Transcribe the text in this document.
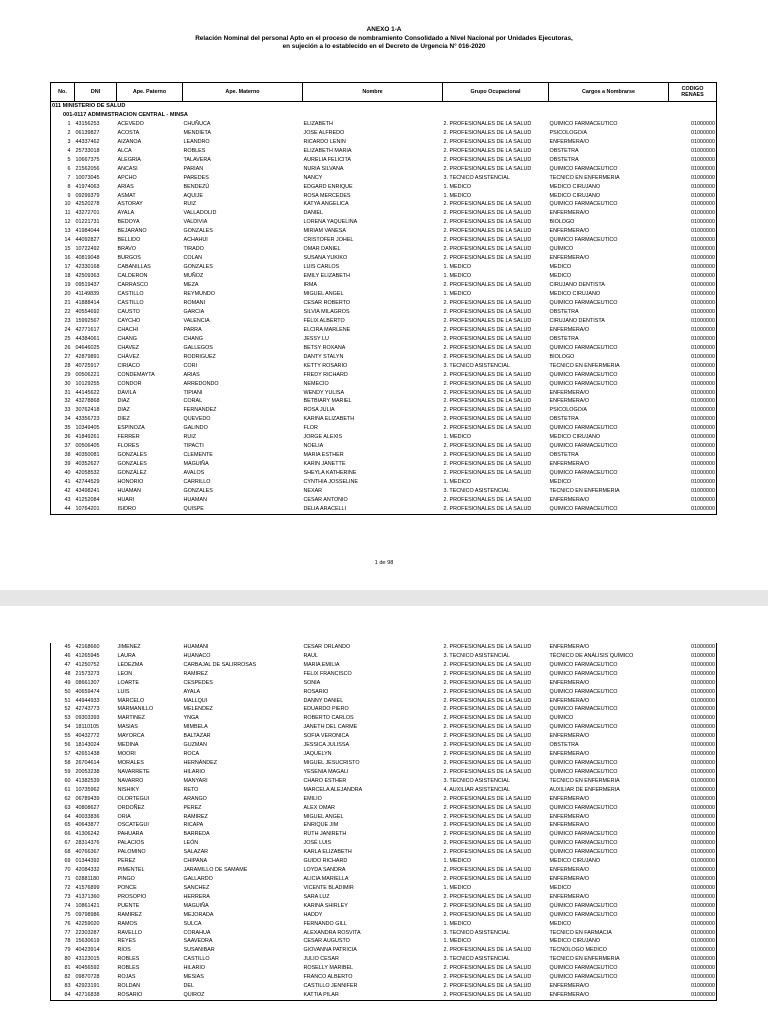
ANEXO 1-A
Relación Nominal del personal Apto en el proceso de nombramiento Consolidado a Nivel Nacional por Unidades Ejecutoras,
en sujeción a lo establecido en el Decreto de Urgencia N° 016-2020
No.	DNI	Ape. Paterno	Ape. Materno	Nombre	Grupo Ocupacional	Cargos a Nombrarse	CODIGO RENAES
011 MINISTERIO DE SALUD							
001-0117 ADMINISTRACION CENTRAL - MINSA							
1	43156253	ACEVEDO	CHUÑUCA	ELIZABETH	2. PROFESIONALES DE LA SALUD	QUIMICO FARMACEUTICO	01000000
2	06139827	ACOSTA	MENDIETA	JOSE ALFREDO	2. PROFESIONALES DE LA SALUD	PSICOLOGO/A	01000000
3	44337462	AIZANOA	LEANDRO	RICARDO LENIN	2. PROFESIONALES DE LA SALUD	ENFERMERA/O	01000000
4	25733018	ALCA	ROBLES	ELIZABETH MARIA	2. PROFESIONALES DE LA SALUD	OBSTETRA	01000000
5	10667375	ALEGRIA	TALAVERA	AURELIA FELICITA	2. PROFESIONALES DE LA SALUD	OBSTETRA	01000000
6	21562056	ANCASI	PARIAN	NURIA SILVANA	2. PROFESIONALES DE LA SALUD	QUIMICO FARMACEUTICO	01000000
7	10073045	APCHO	PAREDES	NANCY	3. TECNICO ASISTENCIAL	TECNICO EN ENFERMERIA	01000000
8	41974063	ARIAS	BENDEZÚ	EDGARD ENRIQUE	1. MEDICO	MEDICO CIRUJANO	01000000
9	09299379	ASMAT	AQUIJE	ROSA MERCEDES	1. MEDICO	MEDICO CIRUJANO	01000000
10	42520278	ASTORAY	RUIZ	KATYA ANGELICA	2. PROFESIONALES DE LA SALUD	QUIMICO FARMACEUTICO	01000000
11	43272701	AYALA	VALLADOLID	DANIEL	2. PROFESIONALES DE LA SALUD	ENFERMERA/O	01000000
12	01221731	BEDOYA	VALDIVIA	LORENA YAQUELINA	2. PROFESIONALES DE LA SALUD	BIOLOGO	01000000
13	41984044	BEJARANO	GONZALES	MIRIAM VANESA	2. PROFESIONALES DE LA SALUD	ENFERMERA/O	01000000
14	44092827	BELLIDO	ACHAHUI	CRISTOFER JOHEL	2. PROFESIONALES DE LA SALUD	QUIMICO FARMACEUTICO	01000000
15	10722492	BRAVO	TIRADO	OMAR DANIEL	2. PROFESIONALES DE LA SALUD	QUÍMICO	01000000
16	40819048	BURGOS	COLAN	SUSANA YUKIKO	2. PROFESIONALES DE LA SALUD	ENFERMERA/O	01000000
17	42330168	CABANILLAS	GONZALES	LUIS CARLOS	1. MEDICO	MEDICO	01000000
18	42509363	CALDERON	MUÑOZ	EMILY ELIZABETH	1. MEDICO	MEDICO	01000000
19	09519437	CARRASCO	MEZA	IRMA	2. PROFESIONALES DE LA SALUD	CIRUJANO DENTISTA	01000000
20	41149839	CASTILLO	REYMUNDO	MIGUEL ANGEL	1. MEDICO	MEDICO CIRUJANO	01000000
21	41888414	CASTILLO	ROMANI	CESAR ROBERTO	2. PROFESIONALES DE LA SALUD	QUIMICO FARMACEUTICO	01000000
22	40554692	CAUSTO	GARCIA	SILVIA MILAGROS	2. PROFESIONALES DE LA SALUD	OBSTETRA	01000000
23	15992567	CAYCHO	VALENCIA	FÉLIX ALBERTO	2. PROFESIONALES DE LA SALUD	CIRUJANO DENTISTA	01000000
24	42771617	CHACHI	PARRA	ELCIRA MARLENE	2. PROFESIONALES DE LA SALUD	ENFERMERA/O	01000000
25	44384061	CHANG	CHANG	JESSY LU	2. PROFESIONALES DE LA SALUD	OBSTETRA	01000000
26	04646025	CHAVEZ	GALLEGOS	BETSY ROXANA	2. PROFESIONALES DE LA SALUD	QUIMICO FARMACEUTICO	01000000
27	42879891	CHÁVEZ	RODRIGUEZ	DANTY STALYN	2. PROFESIONALES DE LA SALUD	BIOLOGO	01000000
28	40725917	CIRIACO	CORI	KETTY ROSARIO	3. TECNICO ASISTENCIAL	TECNICO EN ENFERMERIA	01000000
29	00506221	CONDEMAYTA	ARIAS	FREDY RICHARD	2. PROFESIONALES DE LA SALUD	QUIMICO FARMACEUTICO	01000000
30	10129255	CONDOR	ARREDONDO	NEMECIO	2. PROFESIONALES DE LA SALUD	QUIMICO FARMACEUTICO	01000000
31	44145622	DAVILA	TIPIANI	WENDY YULISA	2. PROFESIONALES DE LA SALUD	ENFERMERA/O	01000000
32	43278868	DIAZ	CORAL	BETBIARY MARIEL	2. PROFESIONALES DE LA SALUD	ENFERMERA/O	01000000
33	30762418	DIAZ	FERNANDEZ	ROSA JULIA	2. PROFESIONALES DE LA SALUD	PSICOLOGO/A	01000000
34	43356723	DIEZ	QUEVEDO	KARINA ELIZABETH	2. PROFESIONALES DE LA SALUD	OBSTETRA	01000000
35	10349405	ESPINOZA	GALINDO	FLOR	2. PROFESIONALES DE LA SALUD	QUIMICO FARMACEUTICO	01000000
36	41849261	FERRER	RUIZ	JORGE ALEXIS	1. MEDICO	MEDICO CIRUJANO	01000000
37	00506405	FLORES	TIPACTI	NOELIA	2. PROFESIONALES DE LA SALUD	QUIMICO FARMACEUTICO	01000000
38	40350081	GONZALES	CLEMENTE	MARIA ESTHER	2. PROFESIONALES DE LA SALUD	OBSTETRA	01000000
39	40352627	GONZALES	MAGUIÑA	KARIN JANETTE	2. PROFESIONALES DE LA SALUD	ENFERMERA/O	01000000
40	42058532	GONZÁLEZ	AVALOS	SHEYLA KATHERINE	2. PROFESIONALES DE LA SALUD	QUIMICO FARMACEUTICO	01000000
41	42744529	HONORIO	CARRILLO	CYNTHIA JOSSELINE	1. MEDICO	MEDICO	01000000
42	43498241	HUAMAN	GONZALES	NEXAR	3. TECNICO ASISTENCIAL	TECNICO EN ENFERMERIA	01000000
43	41252084	HUARI	HUAMAN	CESAR ANTONIO	2. PROFESIONALES DE LA SALUD	ENFERMERA/O	01000000
44	10764201	ISIDRO	QUISPE	DELIA ARACELLI	2. PROFESIONALES DE LA SALUD	QUIMICO FARMACEUTICO	01000000
1 de 98
45	42168660	JIMENEZ	HUAMANI	CESAR ORLANDO	2. PROFESIONALES DE LA SALUD	ENFERMERA/O	01000000
46	41265945	LAURA	HUANACO	RAUL	3. TECNICO ASISTENCIAL	TÉCNICO DE ANÁLISIS QUÍMICO	01000000
47	41250752	LEDEZMA	CARBAJAL DE SALIRROSAS	MARIA EMILIA	2. PROFESIONALES DE LA SALUD	QUIMICO FARMACEUTICO	01000000
48	21573273	LEON	RAMIREZ	FELIX FRANCISCO	2. PROFESIONALES DE LA SALUD	QUIMICO FARMACEUTICO	01000000
49	08661307	LOARTE	CESPEDES	SONIA	2. PROFESIONALES DE LA SALUD	ENFERMERA/O	01000000
50	40659474	LUIS	AYALA	ROSARIO	2. PROFESIONALES DE LA SALUD	QUIMICO FARMACEUTICO	01000000
51	44944933	MARCELO	MALLQUI	DANNY DANIEL	2. PROFESIONALES DE LA SALUD	ENFERMERA/O	01000000
52	42743773	MARMANILLO	MELENDEZ	EDUARDO PIERO	2. PROFESIONALES DE LA SALUD	QUIMICO FARMACEUTICO	01000000
53	09303393	MARTINEZ	YNGA	ROBERTO CARLOS	2. PROFESIONALES DE LA SALUD	QUÍMICO	01000000
54	18110105	MASIAS	MIMBELA	JANETH DEL CARME	2. PROFESIONALES DE LA SALUD	QUIMICO FARMACEUTICO	01000000
55	40432772	MAYORCA	BALTAZAR	SOFIA VERONICA	2. PROFESIONALES DE LA SALUD	ENFERMERA/O	01000000
56	18143024	MEDINA	GUZMAN	JESSICA JULISSA	2. PROFESIONALES DE LA SALUD	OBSTETRA	01000000
57	42651438	MOORI	ROCA	JAQUELYN	2. PROFESIONALES DE LA SALUD	ENFERMERA/O	01000000
58	26704614	MORALES	HERNÁNDEZ	MIGUEL JESUCRISTO	2. PROFESIONALES DE LA SALUD	QUIMICO FARMACEUTICO	01000000
59	20053238	NAVARRETE	HILARIO	YESENIA MAGALI	2. PROFESIONALES DE LA SALUD	QUIMICO FARMACEUTICO	01000000
60	41382539	NAVARRO	MANYARI	CHARO ESTHER	3. TECNICO ASISTENCIAL	TECNICO EN ENFERMERIA	01000000
61	10735962	NISHIKY	RETO	MARCELA ALEJANDRA	4. AUXILIAR ASISTENCIAL	AUXILIAR DE ENFERMERIA	01000000
62	06789439	OLORTEGUI	ARANGO	EMILIO	2. PROFESIONALES DE LA SALUD	ENFERMERA/O	01000000
63	40808627	ORDOÑEZ	PEREZ	ALEX OMAR	2. PROFESIONALES DE LA SALUD	QUIMICO FARMACEUTICO	01000000
64	40033836	ORIA	RAMIREZ	MIGUEL ANGEL	2. PROFESIONALES DE LA SALUD	ENFERMERA/O	01000000
65	40643877	OSCATEGUI	RICAPA	ENRIQUE JIM	2. PROFESIONALES DE LA SALUD	ENFERMERA/O	01000000
66	41306242	PAHUARA	BARREDA	RUTH JANIRETH	2. PROFESIONALES DE LA SALUD	QUIMICO FARMACEUTICO	01000000
67	28314376	PALACIOS	LEÓN	JOSÉ LUIS	2. PROFESIONALES DE LA SALUD	QUIMICO FARMACEUTICO	01000000
68	40766367	PALOMINO	SALAZAR	KARLA ELIZABETH	2. PROFESIONALES DE LA SALUD	QUIMICO FARMACEUTICO	01000000
69	01344392	PEREZ	CHIPANA	GUIDO RICHARD	1. MEDICO	MEDICO CIRUJANO	01000000
70	42084332	PIMENTEL	JARAMILLO DE SAMAME	LOYDA SANDRA	2. PROFESIONALES DE LA SALUD	ENFERMERA/O	01000000
71	02881180	PINGO	GALLARDO	ALICIA MARIELLA	2. PROFESIONALES DE LA SALUD	ENFERMERA/O	01000000
72	41576899	PONCE	SANCHEZ	VICENTE BLADIMIR	1. MEDICO	MEDICO	01000000
73	41371360	PROSOPIO	HERRERA	SARA LUZ	2. PROFESIONALES DE LA SALUD	ENFERMERA/O	01000000
74	10861421	PUENTE	MAGUIÑA	KARINA SHIRLEY	2. PROFESIONALES DE LA SALUD	QUIMICO FARMACEUTICO	01000000
75	09798986	RAMIREZ	MEJORADA	HADDY	2. PROFESIONALES DE LA SALUD	QUIMICO FARMACEUTICO	01000000
76	42259020	RAMOS	SULCA	FERNANDO GILL	1. MEDICO	MEDICO	01000000
77	22303287	RAVELLO	CORAHUA	ALEXANDRA ROSVITA	3. TECNICO ASISTENCIAL	TECNICO EN FARMACIA	01000000
78	15630619	REYES	SAAVEDRA	CESAR AUGUSTO	1. MEDICO	MEDICO CIRUJANO	01000000
79	40423914	RIOS	SUSANIBAR	GIOVANNA PATRICIA	2. PROFESIONALES DE LA SALUD	TECNOLOGO MEDICO	01000000
80	43123015	ROBLES	CASTILLO	JULIO CESAR	3. TECNICO ASISTENCIAL	TECNICO EN ENFERMERIA	01000000
81	40456592	ROBLES	HILARIO	ROSELLY MARIBEL	2. PROFESIONALES DE LA SALUD	QUIMICO FARMACEUTICO	01000000
82	09870728	ROJAS	MESIAS	FRANCO ALBERTO	2. PROFESIONALES DE LA SALUD	QUIMICO FARMACEUTICO	01000000
83	42923191	ROLDAN	DEL	CASTILLO JENNIFER	2. PROFESIONALES DE LA SALUD	ENFERMERA/O	01000000
84	42716838	ROSARIO	QUIROZ	KATTIA PILAR	2. PROFESIONALES DE LA SALUD	ENFERMERA/O	01000000
